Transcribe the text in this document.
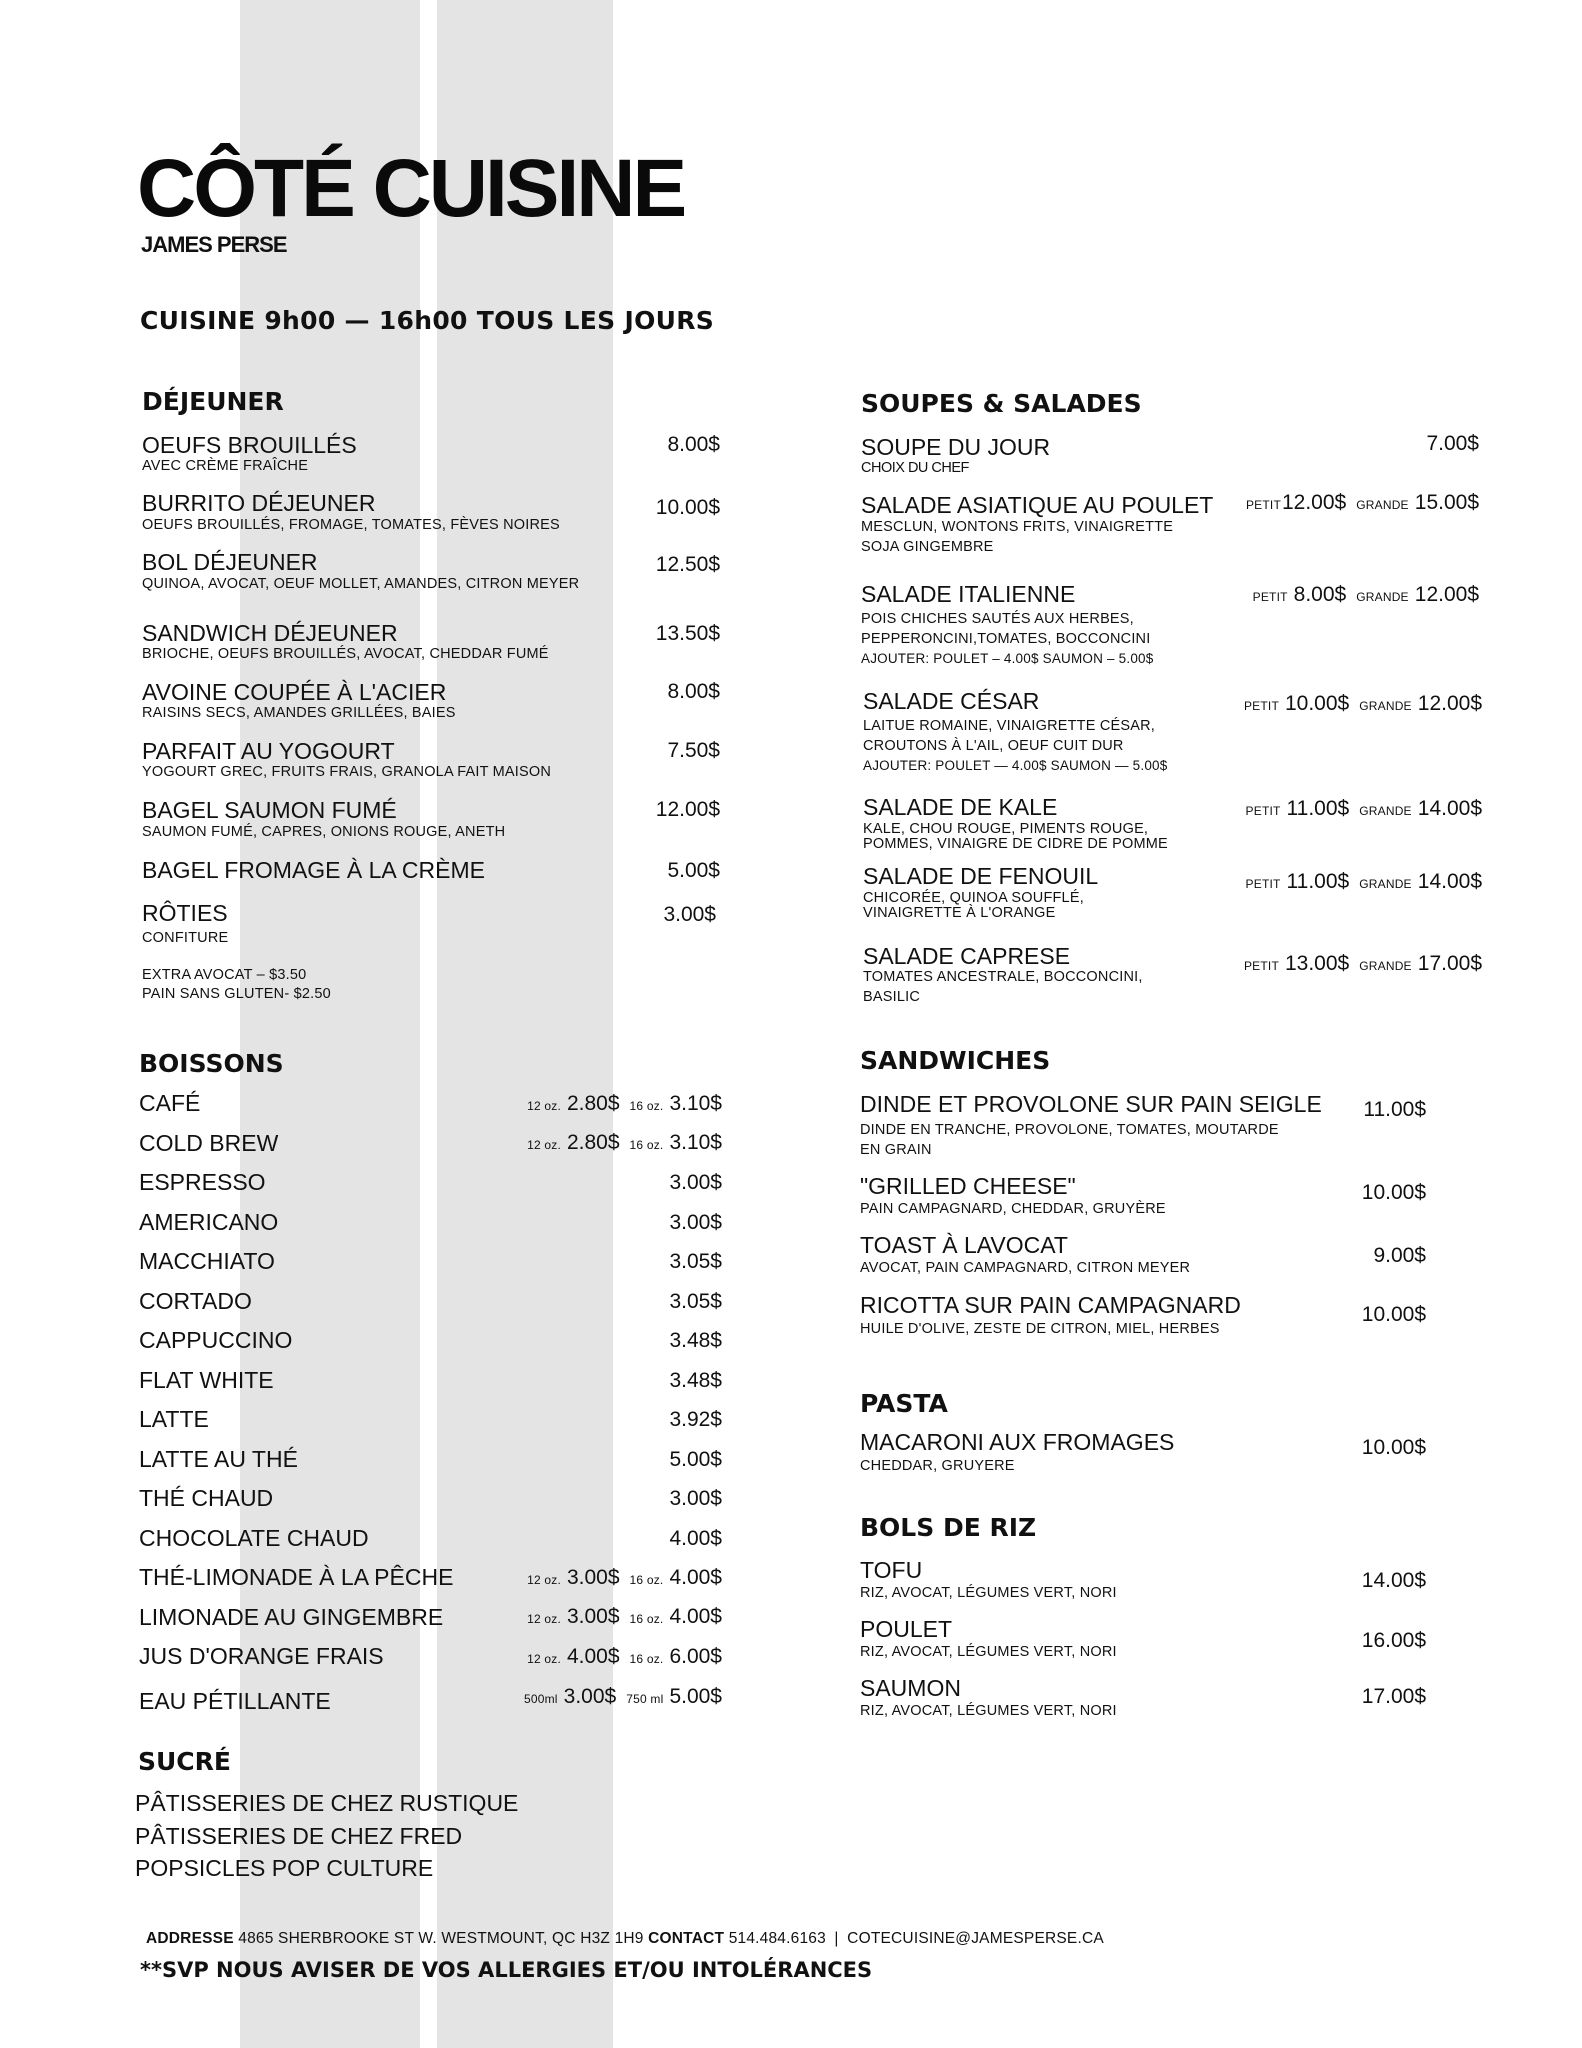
CÔTÉ CUISINE
JAMES PERSE
CUISINE 9h00 — 16h00 TOUS LES JOURS
DÉJEUNER
OEUFS BROUILLÉS
AVEC CRÈME FRAÎCHE
8.00$
BURRITO DÉJEUNER
OEUFS BROUILLÉS, FROMAGE, TOMATES, FÈVES NOIRES
10.00$
BOL DÉJEUNER
QUINOA, AVOCAT, OEUF MOLLET, AMANDES, CITRON MEYER
12.50$
SANDWICH DÉJEUNER
BRIOCHE, OEUFS BROUILLÉS, AVOCAT, CHEDDAR FUMÉ
13.50$
AVOINE COUPÉE À L'ACIER
RAISINS SECS, AMANDES GRILLÉES, BAIES
8.00$
PARFAIT AU YOGOURT
YOGOURT GREC, FRUITS FRAIS, GRANOLA FAIT MAISON
7.50$
BAGEL SAUMON FUMÉ
SAUMON FUMÉ, CAPRES, ONIONS ROUGE, ANETH
12.00$
BAGEL FROMAGE À LA CRÈME	5.00$
RÔTIES
CONFITURE
3.00$
EXTRA AVOCAT – $3.50
PAIN SANS GLUTEN- $2.50
BOISSONS
CAFÉ	12 oz. 2.80$ 16 oz. 3.10$
COLD BREW	12 oz. 2.80$ 16 oz. 3.10$
ESPRESSO	3.00$
AMERICANO	3.00$
MACCHIATO	3.05$
CORTADO	3.05$
CAPPUCCINO	3.48$
FLAT WHITE	3.48$
LATTE	3.92$
LATTE AU THÉ	5.00$
THÉ CHAUD	3.00$
CHOCOLATE CHAUD	4.00$
THÉ-LIMONADE À LA PÊCHE	12 oz. 3.00$ 16 oz. 4.00$
LIMONADE AU GINGEMBRE	12 oz. 3.00$ 16 oz. 4.00$
JUS D'ORANGE FRAIS	12 oz. 4.00$ 16 oz. 6.00$
EAU PÉTILLANTE	500ml 3.00$ 750 ml 5.00$
SUCRÉ
PÂTISSERIES DE CHEZ RUSTIQUE
PÂTISSERIES DE CHEZ FRED
POPSICLES POP CULTURE
SOUPES & SALADES
SOUPE DU JOUR
CHOIX DU CHEF
7.00$
SALADE ASIATIQUE AU POULET
MESCLUN, WONTONS FRITS, VINAIGRETTE
SOJA GINGEMBRE
PETIT12.00$ GRANDE 15.00$
SALADE ITALIENNE
POIS CHICHES SAUTÉS AUX HERBES,
PEPPERONCINI,TOMATES, BOCCONCINI
AJOUTER: POULET – 4.00$ SAUMON – 5.00$
PETIT 8.00$ GRANDE 12.00$
SALADE CÉSAR
LAITUE ROMAINE, VINAIGRETTE CÉSAR,
CROUTONS À L'AIL, OEUF CUIT DUR
AJOUTER: POULET — 4.00$ SAUMON — 5.00$
PETIT 10.00$ GRANDE 12.00$
SALADE DE KALE
KALE, CHOU ROUGE, PIMENTS ROUGE,
POMMES, VINAIGRE DE CIDRE DE POMME
PETIT 11.00$ GRANDE 14.00$
SALADE DE FENOUIL
CHICORÉE, QUINOA SOUFFLÉ,
VINAIGRETTE À L'ORANGE
PETIT 11.00$ GRANDE 14.00$
SALADE CAPRESE
TOMATES ANCESTRALE, BOCCONCINI,
BASILIC
PETIT 13.00$ GRANDE 17.00$
SANDWICHES
DINDE ET PROVOLONE SUR PAIN SEIGLE
DINDE EN TRANCHE, PROVOLONE, TOMATES, MOUTARDE
EN GRAIN
11.00$
"GRILLED CHEESE"
PAIN CAMPAGNARD, CHEDDAR, GRUYÈRE
10.00$
TOAST À LAVOCAT
AVOCAT, PAIN CAMPAGNARD, CITRON MEYER
9.00$
RICOTTA SUR PAIN CAMPAGNARD
HUILE D'OLIVE, ZESTE DE CITRON, MIEL, HERBES
10.00$
PASTA
MACARONI AUX FROMAGES
CHEDDAR, GRUYERE
10.00$
BOLS DE RIZ
TOFU
RIZ, AVOCAT, LÉGUMES VERT, NORI
14.00$
POULET
RIZ, AVOCAT, LÉGUMES VERT, NORI	16.00$
SAUMON
RIZ, AVOCAT, LÉGUMES VERT, NORI
17.00$
ADDRESSE 4865 SHERBROOKE ST W. WESTMOUNT, QC H3Z 1H9 CONTACT 514.484.6163 | COTECUISINE@JAMESPERSE.CA
**SVP NOUS AVISER DE VOS ALLERGIES ET/OU INTOLÉRANCES
